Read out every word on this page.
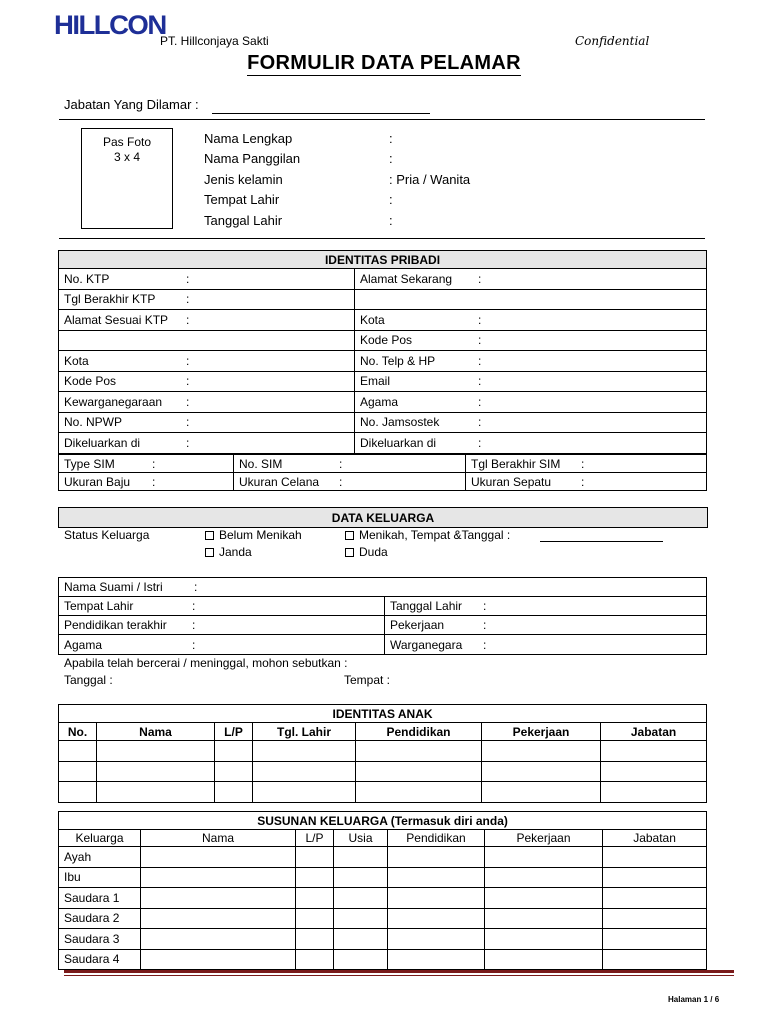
HILLCON
PT. Hillconjaya Sakti	Confidential
FORMULIR DATA PELAMAR
Jabatan Yang Dilamar :
Pas Foto
3 x 4
Nama Lengkap	:
Nama Panggilan	:
Jenis kelamin	: Pria / Wanita
Tempat Lahir	:
Tanggal Lahir	:
IDENTITAS PRIBADI	
No. KTP :	Alamat Sekarang :
Tgl Berakhir KTP :	
Alamat Sesuai KTP :	Kota :
	Kode Pos :
Kota :	No. Telp & HP :
Kode Pos :	Email :
Kewarganegaraan :	Agama :
No. NPWP :	No. Jamsostek :
Dikeluarkan di :	Dikeluarkan di :
Type SIM :	No. SIM :	Tgl Berakhir SIM :
Ukuran Baju :	Ukuran Celana :	Ukuran Sepatu :
DATA KELUARGA
Status Keluarga	Belum Menikah	Menikah, Tempat &Tanggal :
Janda	Duda
Nama Suami / Istri :	
Tempat Lahir :	Tanggal Lahir :
Pendidikan terakhir :	Pekerjaan :
Agama :	Warganegara :
Apabila telah bercerai / meninggal, mohon sebutkan :
Tanggal :	Tempat :
IDENTITAS ANAK						
No.	Nama	L/P	Tgl. Lahir	Pendidikan	Pekerjaan	Jabatan

SUSUNAN KELUARGA (Termasuk diri anda)						
Keluarga	Nama	L/P	Usia	Pendidikan	Pekerjaan	Jabatan
Ayah						
Ibu						
Saudara 1						
Saudara 2						
Saudara 3						
Saudara 4						
Halaman 1 / 6
